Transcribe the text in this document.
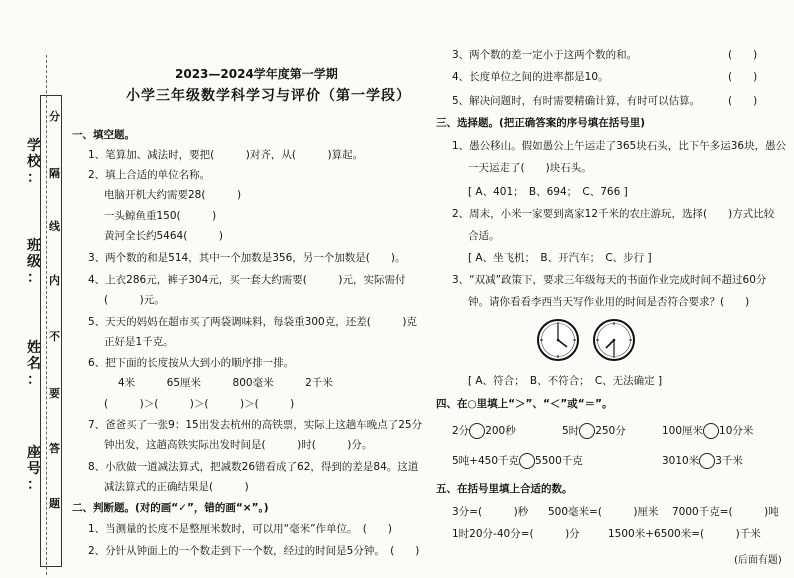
学
校
：
班
级
：
姓
名
：
座
号
：
分
隔
线
内
不
要
答
题
2023—2024学年度第一学期
小学三年级数学科学习与评价（第一学段）
一、填空题。
1、笔算加、减法时，要把(　　　)对齐，从(　　　)算起。
2、填上合适的单位名称。
电脑开机大约需要28(　　　)
一头鲸鱼重150(　　　)
黄河全长约5464(　　　)
3、两个数的和是514，其中一个加数是356，另一个加数是(　　)。
4、上衣286元，裤子304元，买一套大约需要(　　　)元，实际需付
(　　　)元。
5、天天的妈妈在超市买了两袋调味料，每袋重300克，还差(　　　)克
正好是1千克。
6、把下面的长度按从大到小的顺序排一排。
4米　　　65厘米　　　800毫米　　　2千米
(　　　)＞(　　　)＞(　　　)＞(　　　)
7、爸爸买了一张9：15出发去杭州的高铁票，实际上这趟车晚点了25分
钟出发，这趟高铁实际出发时间是(　　　)时(　　　)分。
8、小欣做一道减法算式，把减数26错看成了62，得到的差是84。这道
减法算式的正确结果是(　　　)
二、判断题。(对的画“✓”，错的画“×”。)
1、当测量的长度不是整厘米数时，可以用“毫米”作单位。　(　　)
2、分针从钟面上的一个数走到下一个数，经过的时间是5分钟。　(　　)
3、两个数的差一定小于这两个数的和。	(　　)
4、长度单位之间的进率都是10。	(　　)
5、解决问题时，有时需要精确计算，有时可以估算。	(　　)
三、选择题。(把正确答案的序号填在括号里)
1、愚公移山。假如愚公上午运走了365块石头，比下午多运36块，愚公
一天运走了(　　)块石头。
[ A、401；　B、694；　C、766 ]
2、周末，小米一家要到离家12千米的农庄游玩，选择(　　)方式比较
合适。
[ A、坐飞机；　B、开汽车；　C、步行 ]
3、“双减”政策下，要求三年级每天的书面作业完成时间不超过60分
钟。请你看看李西当天写作业用的时间是否符合要求？(　　)
[ A、符合；　B、不符合；　C、无法确定 ]
四、在○里填上“＞”、“＜”或“＝”。
2分 200秒	5时 250分	100厘米 10分米
5吨+450千克 5500千克	3010米 3千米
五、在括号里填上合适的数。
3分=(　　　)秒 500毫米=(　　　)厘米 7000千克=(　　　)吨
1时20分-40分=(　　　)分	1500米+6500米=(　　　)千米
(后面有题)
